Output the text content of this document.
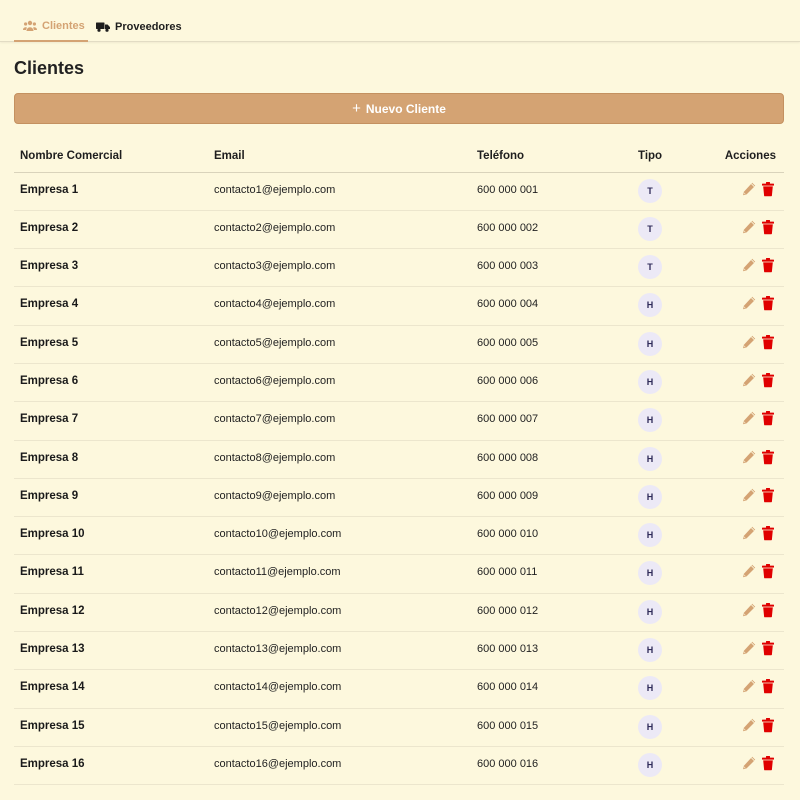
Clientes	Proveedores
Clientes
+ Nuevo Cliente
Nombre Comercial	Email	Teléfono	Tipo	Acciones
Empresa 1	contacto1@ejemplo.com	600 000 001	T	
Empresa 2	contacto2@ejemplo.com	600 000 002	T	
Empresa 3	contacto3@ejemplo.com	600 000 003	T	
Empresa 4	contacto4@ejemplo.com	600 000 004	H	
Empresa 5	contacto5@ejemplo.com	600 000 005	H	
Empresa 6	contacto6@ejemplo.com	600 000 006	H	
Empresa 7	contacto7@ejemplo.com	600 000 007	H	
Empresa 8	contacto8@ejemplo.com	600 000 008	H	
Empresa 9	contacto9@ejemplo.com	600 000 009	H	
Empresa 10	contacto10@ejemplo.com	600 000 010	H	
Empresa 11	contacto11@ejemplo.com	600 000 011	H	
Empresa 12	contacto12@ejemplo.com	600 000 012	H	
Empresa 13	contacto13@ejemplo.com	600 000 013	H	
Empresa 14	contacto14@ejemplo.com	600 000 014	H	
Empresa 15	contacto15@ejemplo.com	600 000 015	H	
Empresa 16	contacto16@ejemplo.com	600 000 016	H	
